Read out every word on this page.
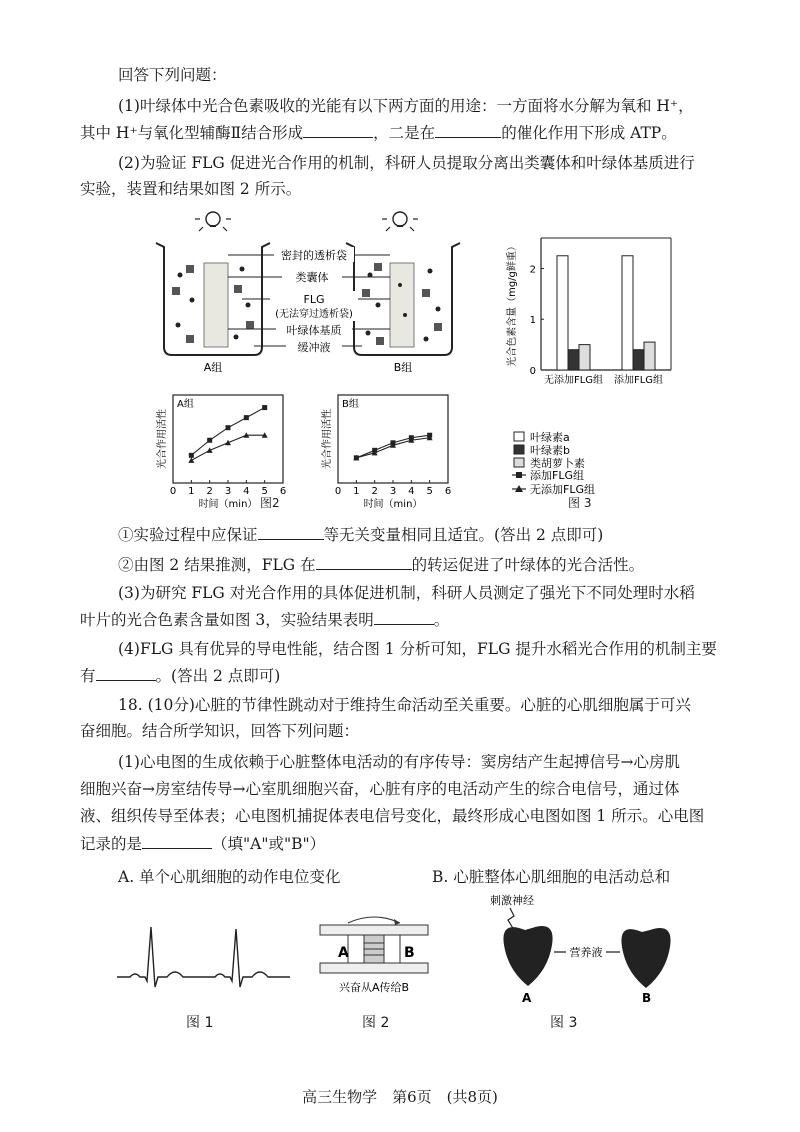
回答下列问题：
(1)叶绿体中光合色素吸收的光能有以下两方面的用途：一方面将水分解为氧和 H⁺，
其中 H⁺与氧化型辅酶Ⅱ结合形成	，二是在	的催化作用下形成 ATP。
(2)为验证 FLG 促进光合作用的机制，科研人员提取分离出类囊体和叶绿体基质进行
实验，装置和结果如图 2 所示。
密封的透析袋
类囊体
FLG
(无法穿过透析袋)
叶绿体基质
缓冲液
A组	B组
0 1 2 3 4 5 6
A组
时间（min）
光合作用活性
0 1 2 3 4 5 6
B组
时间（min）
光合作用活性
图2
0
1
2
光合色素含量（mg/g鲜重）
无添加FLG组 添加FLG组
叶绿素a
叶绿素b
类胡萝卜素
添加FLG组
无添加FLG组
图 3
①实验过程中应保证	等无关变量相同且适宜。(答出 2 点即可)
②由图 2 结果推测，FLG 在	的转运促进了叶绿体的光合活性。
(3)为研究 FLG 对光合作用的具体促进机制，科研人员测定了强光下不同处理时水稻
叶片的光合色素含量如图 3，实验结果表明	。
(4)FLG 具有优异的导电性能，结合图 1 分析可知，FLG 提升水稻光合作用的机制主要
有	。(答出 2 点即可)
18. (10分)心脏的节律性跳动对于维持生命活动至关重要。心脏的心肌细胞属于可兴
奋细胞。结合所学知识，回答下列问题：
(1)心电图的生成依赖于心脏整体电活动的有序传导：窦房结产生起搏信号→心房肌
细胞兴奋→房室结传导→心室肌细胞兴奋，心脏有序的电活动产生的综合电信号，通过体
液、组织传导至体表；心电图机捕捉体表电信号变化，最终形成心电图如图 1 所示。心电图
记录的是	（填"A"或"B"）
A. 单个心肌细胞的动作电位变化	B. 心脏整体心肌细胞的电活动总和
图 1
A	B
兴奋从A传给B
图 2
刺激神经
营养液
A	B
图 3
高三生物学　第6页　(共8页)
